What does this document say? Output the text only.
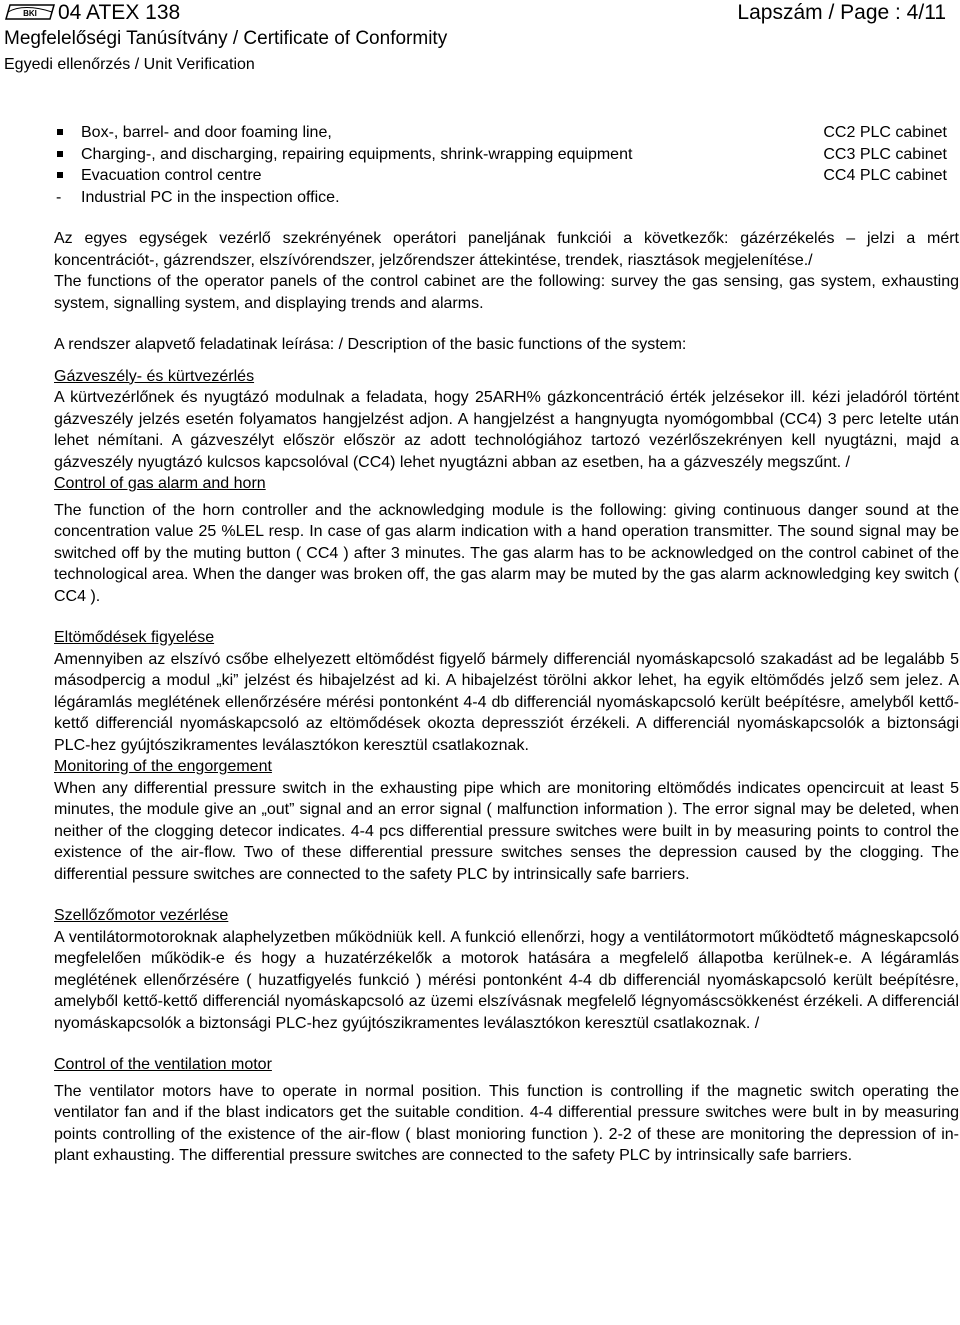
BKI 04 ATEX 138	Lapszám / Page : 4/11
Megfelelőségi Tanúsítvány / Certificate of Conformity
Egyedi ellenőrzés / Unit Verification
Box-, barrel- and door foaming line,	CC2 PLC cabinet
Charging-, and discharging, repairing equipments, shrink-wrapping equipment	CC3 PLC cabinet
Evacuation control centre	CC4 PLC cabinet
- Industrial PC in the inspection office.

Az egyes egységek vezérlő szekrényének operátori paneljának funkciói a következők: gázérzékelés – jelzi a mért koncentrációt-, gázrendszer, elszívórendszer, jelzőrendszer áttekintése, trendek, riasztások megjelenítése./

The functions of the operator panels of the control cabinet are the following: survey the gas sensing, gas system, exhausting system, signalling system, and displaying trends and alarms.

A rendszer alapvető feladatinak leírása: / Description of the basic functions of the system:

Gázveszély- és kürtvezérlés

A kürtvezérlőnek és nyugtázó modulnak a feladata, hogy 25ARH% gázkoncentráció érték jelzésekor ill. kézi jeladóról történt gázveszély jelzés esetén folyamatos hangjelzést adjon. A hangjelzést a hangnyugta nyomógombbal (CC4) 3 perc letelte után lehet némítani. A gázveszélyt először először az adott technológiához tartozó vezérlőszekrényen kell nyugtázni, majd a gázveszély nyugtázó kulcsos kapcsolóval (CC4) lehet nyugtázni abban az esetben, ha a gázveszély megszűnt. /

Control of gas alarm and horn

The function of the horn controller and the acknowledging module is the following: giving continuous danger sound at the concentration value 25 %LEL resp. In case of gas alarm indication with a hand operation transmitter. The sound signal may be switched off by the muting button ( CC4 ) after 3 minutes. The gas alarm has to be acknowledged on the control cabinet of the technological area. When the danger was broken off, the gas alarm may be muted by the gas alarm acknowledging key switch ( CC4 ).

Eltömődések figyelése

Amennyiben az elszívó csőbe elhelyezett eltömődést figyelő bármely differenciál nyomáskapcsoló szakadást ad be legalább 5 másodpercig a modul „ki” jelzést és hibajelzést ad ki. A hibajelzést törölni akkor lehet, ha egyik eltömődés jelző sem jelez. A légáramlás meglétének ellenőrzésére mérési pontonként 4-4 db differenciál nyomáskapcsoló került beépítésre, amelyből kettő-kettő differenciál nyomáskapcsoló az eltömődések okozta depressziót érzékeli. A differenciál nyomáskapcsolók a biztonsági PLC-hez gyújtószikramentes leválasztókon keresztül csatlakoznak.

Monitoring of the engorgement

When any differential pressure switch in the exhausting pipe which are monitoring eltömődés indicates opencircuit at least 5 minutes, the module give an „out” signal and an error signal ( malfunction information ). The error signal may be deleted, when neither of the clogging detecor indicates. 4-4 pcs differential pressure switches were built in by measuring points to control the existence of the air-flow. Two of these differential pressure switches senses the depression caused by the clogging. The differential pessure switches are connected to the safety PLC by intrinsically safe barriers.

Szellőzőmotor vezérlése

A ventilátormotoroknak alaphelyzetben működniük kell. A funkció ellenőrzi, hogy a ventilátormotort működtető mágneskapcsoló megfelelően működik-e és hogy a huzatérzékelők a motorok hatására a megfelelő állapotba kerülnek-e. A légáramlás meglétének ellenőrzésére ( huzatfigyelés funkció ) mérési pontonként 4-4 db differenciál nyomáskapcsoló került beépítésre, amelyből kettő-kettő differenciál nyomáskapcsoló az üzemi elszívásnak megfelelő légnyomáscsökkenést érzékeli. A differenciál nyomáskapcsolók a biztonsági PLC-hez gyújtószikramentes leválasztókon keresztül csatlakoznak. /

Control of the ventilation motor

The ventilator motors have to operate in normal position. This function is controlling if the magnetic switch operating the ventilator fan and if the blast indicators get the suitable condition. 4-4 differential pressure switches were bult in by measuring points controlling of the existence of the air-flow ( blast monioring function ). 2-2 of these are monitoring the depression of in-plant exhausting. The differential pressure switches are connected to the safety PLC by intrinsically safe barriers.
